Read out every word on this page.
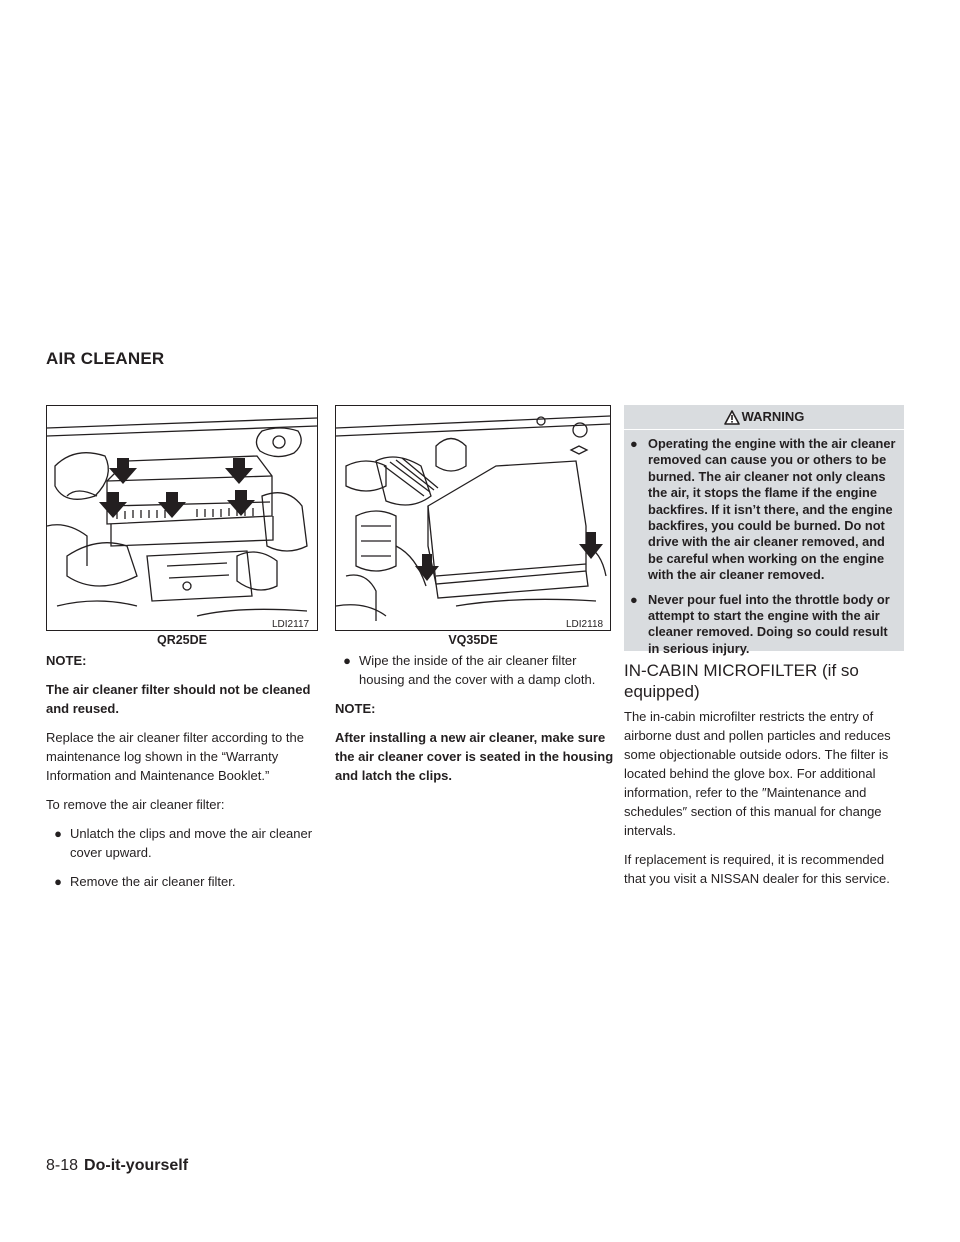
AIR CLEANER
QR25DE
LDI2117
VQ35DE
LDI2118

NOTE:

The air cleaner filter should not be cleaned and reused.

Replace the air cleaner filter according to the maintenance log shown in the “Warranty Information and Maintenance Booklet.”

To remove the air cleaner filter:

● Unlatch the clips and move the air cleaner cover upward.
● Remove the air cleaner filter.
● Wipe the inside of the air cleaner filter housing and the cover with a damp cloth.

NOTE:

After installing a new air cleaner, make sure the air cleaner cover is seated in the housing and latch the clips.

WARNING
● Operating the engine with the air cleaner removed can cause you or others to be burned. The air cleaner not only cleans the air, it stops the flame if the engine backfires. If it isn’t there, and the engine backfires, you could be burned. Do not drive with the air cleaner removed, and be careful when working on the engine with the air cleaner removed.
● Never pour fuel into the throttle body or attempt to start the engine with the air cleaner removed. Doing so could result in serious injury.
IN-CABIN MICROFILTER (if so equipped)

The in-cabin microfilter restricts the entry of airborne dust and pollen particles and reduces some objectionable outside odors. The filter is located behind the glove box. For additional information, refer to the ″Maintenance and schedules″ section of this manual for change intervals.

If replacement is required, it is recommended that you visit a NISSAN dealer for this service.

8-18 Do-it-yourself
